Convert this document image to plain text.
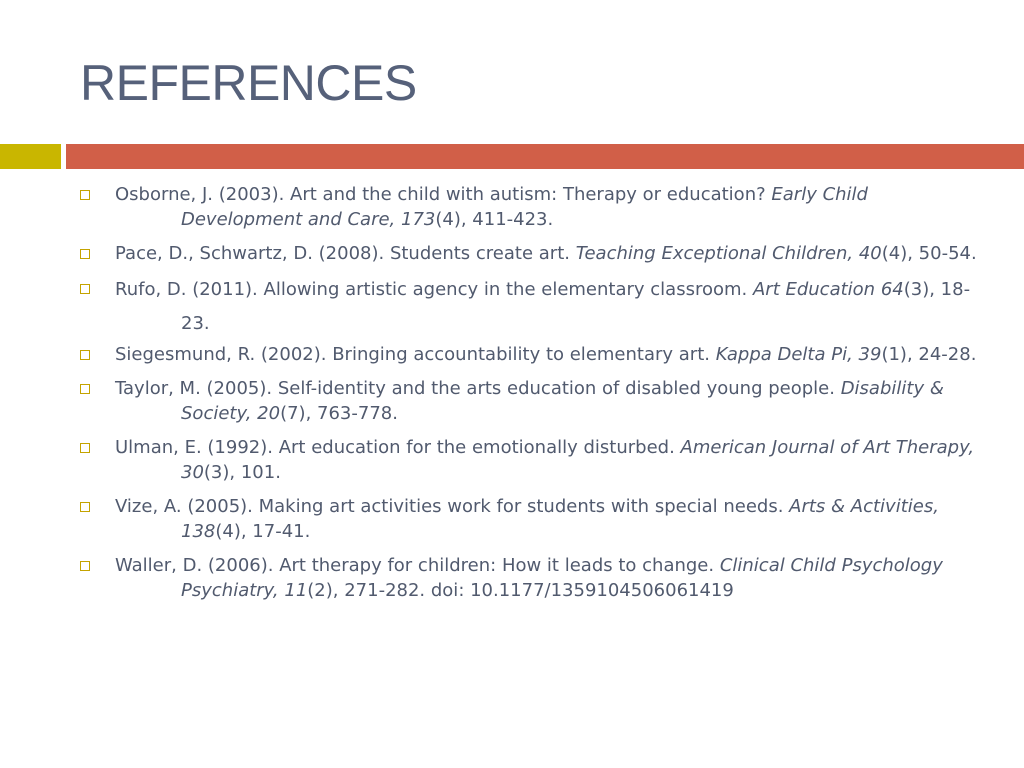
REFERENCES
Osborne, J. (2003). Art and the child with autism: Therapy or education? Early Child Development and Care, 173(4), 411-423.
Pace, D., Schwartz, D. (2008). Students create art. Teaching Exceptional Children, 40(4), 50-54.
Rufo, D. (2011). Allowing artistic agency in the elementary classroom. Art Education 64(3), 18-23.
Siegesmund, R. (2002). Bringing accountability to elementary art. Kappa Delta Pi, 39(1), 24-28.
Taylor, M. (2005). Self-identity and the arts education of disabled young people. Disability & Society, 20(7), 763-778.
Ulman, E. (1992). Art education for the emotionally disturbed. American Journal of Art Therapy, 30(3), 101.
Vize, A. (2005). Making art activities work for students with special needs. Arts & Activities, 138(4), 17-41.
Waller, D. (2006). Art therapy for children: How it leads to change. Clinical Child Psychology Psychiatry, 11(2), 271-282. doi: 10.1177/1359104506061419
